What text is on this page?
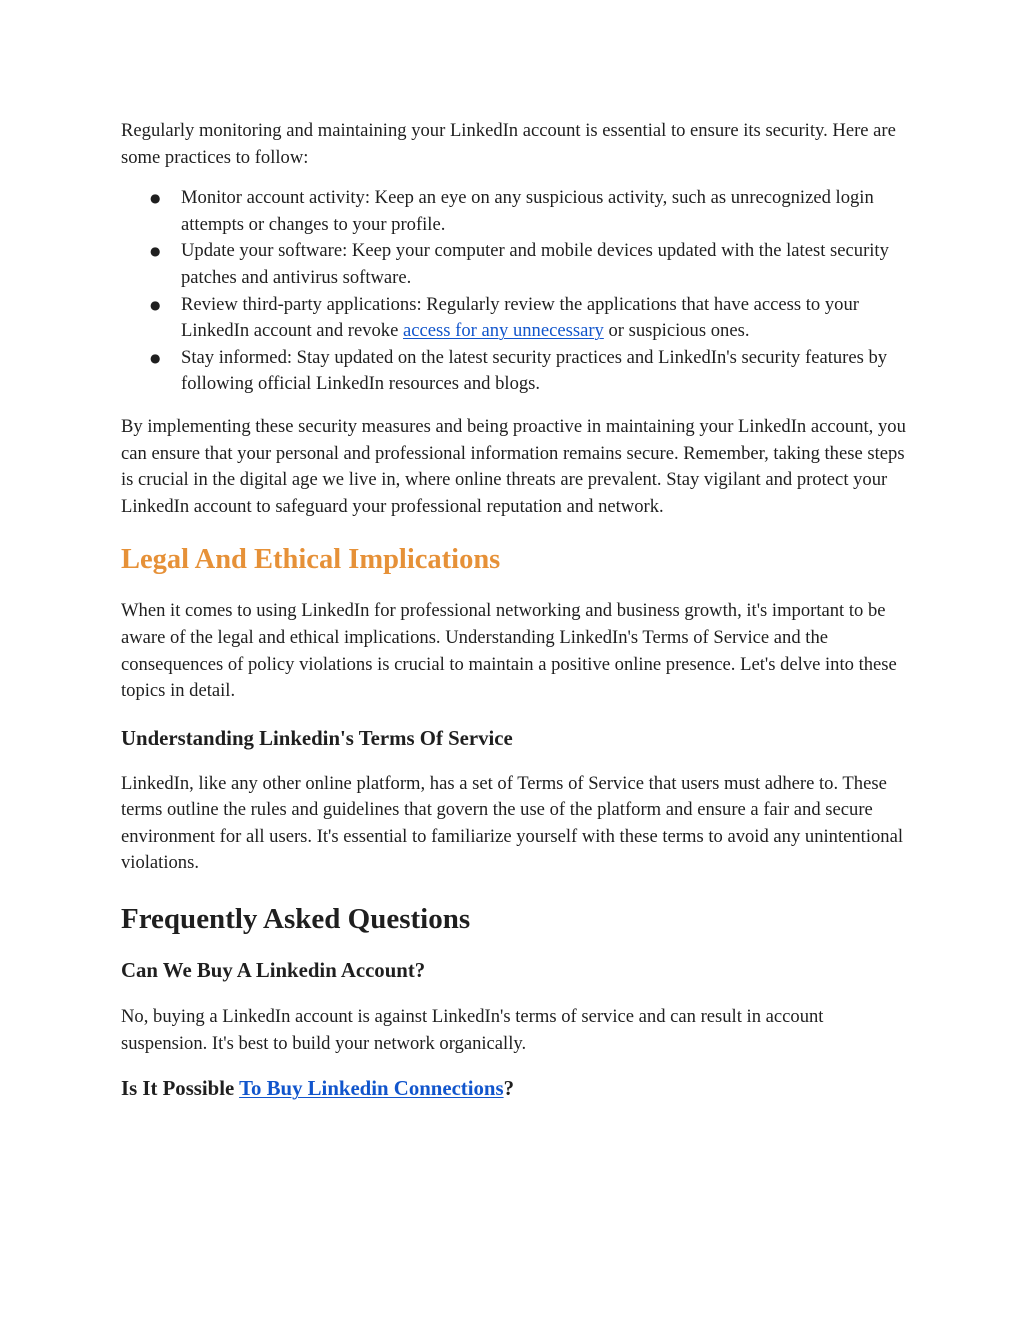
Regularly monitoring and maintaining your LinkedIn account is essential to ensure its security. Here are some practices to follow:

● Monitor account activity: Keep an eye on any suspicious activity, such as unrecognized login attempts or changes to your profile.
● Update your software: Keep your computer and mobile devices updated with the latest security patches and antivirus software.
● Review third-party applications: Regularly review the applications that have access to your LinkedIn account and revoke access for any unnecessary or suspicious ones.
● Stay informed: Stay updated on the latest security practices and LinkedIn's security features by following official LinkedIn resources and blogs.

By implementing these security measures and being proactive in maintaining your LinkedIn account, you can ensure that your personal and professional information remains secure. Remember, taking these steps is crucial in the digital age we live in, where online threats are prevalent. Stay vigilant and protect your LinkedIn account to safeguard your professional reputation and network.

Legal And Ethical Implications

When it comes to using LinkedIn for professional networking and business growth, it's important to be aware of the legal and ethical implications. Understanding LinkedIn's Terms of Service and the consequences of policy violations is crucial to maintain a positive online presence. Let's delve into these topics in detail.

Understanding Linkedin's Terms Of Service

LinkedIn, like any other online platform, has a set of Terms of Service that users must adhere to. These terms outline the rules and guidelines that govern the use of the platform and ensure a fair and secure environment for all users. It's essential to familiarize yourself with these terms to avoid any unintentional violations.

Frequently Asked Questions
Can We Buy A Linkedin Account?

No, buying a LinkedIn account is against LinkedIn's terms of service and can result in account suspension. It's best to build your network organically.

Is It Possible To Buy Linkedin Connections?
